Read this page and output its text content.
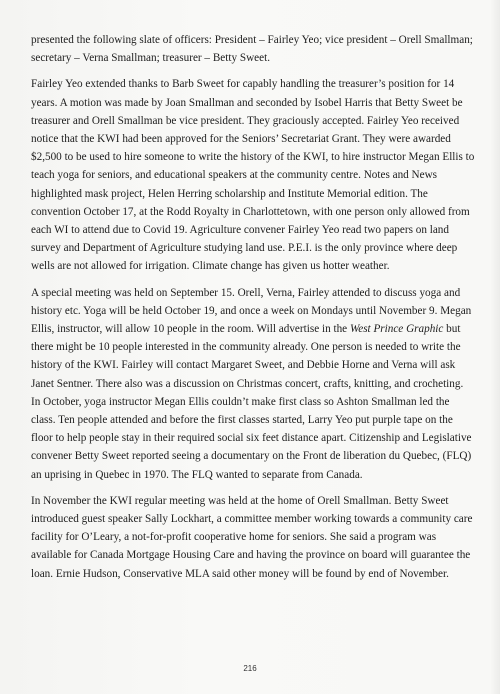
presented the following slate of officers: President – Fairley Yeo; vice president – Orell Smallman; secretary – Verna Smallman; treasurer – Betty Sweet.

Fairley Yeo extended thanks to Barb Sweet for capably handling the treasurer’s position for 14 years. A motion was made by Joan Smallman and seconded by Isobel Harris that Betty Sweet be treasurer and Orell Smallman be vice president. They graciously accepted. Fairley Yeo received notice that the KWI had been approved for the Seniors’ Secretariat Grant. They were awarded $2,500 to be used to hire someone to write the history of the KWI, to hire instructor Megan Ellis to teach yoga for seniors, and educational speakers at the community centre. Notes and News highlighted mask project, Helen Herring scholarship and Institute Memorial edition. The convention October 17, at the Rodd Royalty in Charlottetown, with one person only allowed from each WI to attend due to Covid 19. Agriculture convener Fairley Yeo read two papers on land survey and Department of Agriculture studying land use. P.E.I. is the only province where deep wells are not allowed for irrigation. Climate change has given us hotter weather.

A special meeting was held on September 15. Orell, Verna, Fairley attended to discuss yoga and history etc. Yoga will be held October 19, and once a week on Mondays until November 9. Megan Ellis, instructor, will allow 10 people in the room. Will advertise in the West Prince Graphic but there might be 10 people interested in the community already. One person is needed to write the history of the KWI. Fairley will contact Margaret Sweet, and Debbie Horne and Verna will ask Janet Sentner. There also was a discussion on Christmas concert, crafts, knitting, and crocheting. In October, yoga instructor Megan Ellis couldn’t make first class so Ashton Smallman led the class. Ten people attended and before the first classes started, Larry Yeo put purple tape on the floor to help people stay in their required social six feet distance apart. Citizenship and Legislative convener Betty Sweet reported seeing a documentary on the Front de liberation du Quebec, (FLQ) an uprising in Quebec in 1970. The FLQ wanted to separate from Canada.

In November the KWI regular meeting was held at the home of Orell Smallman. Betty Sweet introduced guest speaker Sally Lockhart, a committee member working towards a community care facility for O’Leary, a not-for-profit cooperative home for seniors. She said a program was available for Canada Mortgage Housing Care and having the province on board will guarantee the loan. Ernie Hudson, Conservative MLA said other money will be found by end of November.

216
